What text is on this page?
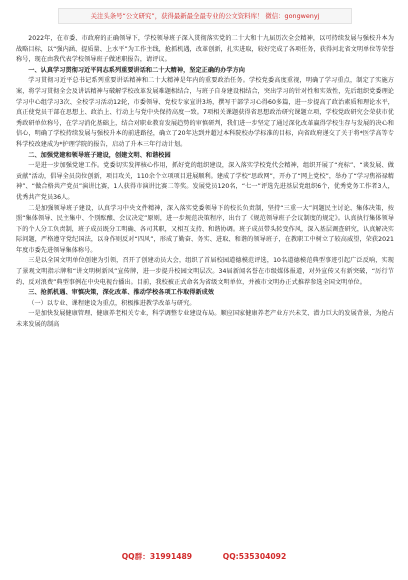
关注头条号“公文研究”，获得最新最全最专业的公文资料库！ 微信：gongwenyj

2022年，在市委、市政府的正确领导下，学校领导班子深入贯彻落实党的二十大和十九届历次全会精神，以可持续发展与强校升本为战略目标，以“强内涵、提质量、上水平”为工作主线，抢抓机遇，改革创新，扎实进取，较好完成了各项任务，获得河北省文明单位等荣誉称号，现在由我代表学校领导班子做述职报告，请评议。

一、认真学习贯彻习近平同志系列重要讲话和二十大精神，坚定正确的办学方向

学习贯彻习近平总书记系列重要讲话精神和二十大精神是年内的重要政治任务。学校党委高度重视，明确了学习重点，制定了实施方案，将学习贯彻全会及讲话精神与破解学校改革发展难题相结合，与班子自身建设相结合，突出学习的针对性和实效性，先后组织党委理论学习中心组学习3次、全校学习活动12轮，市委领导、党校专家宣讲3场，撰写干部学习心得60多篇，进一步提高了政治素质和理论水平，真正使党员干部在思想上、政治上、行动上与党中央保持高度一致。7项相关课题获得省思想政治研究课题立项，学校党政研究会荣获市优秀政研单位称号，在学习消化基础上，结合对职业教育发展趋势的审慎研判，我们进一步坚定了通过深化改革赢得学校生存与发展的决心和信心，明确了学校持续发展与强校升本的前进路径，确立了20年达到并超过本科院校办学标准的目标，向省政府递交了关于将*医学高等专科学校改建成为*护理学院的报告，启动了升本三年行动计划。

二、加强党建和领导班子建设，创建文明、和谐校园

一是进一步加强党建工作。党委切实发挥核心作用，抓好党的组织建设，深入落实学校党代会精神，组织开展了“亮标”、“谈发展、做贡献”活动，倡导全员岗位创新，项目攻关，110余个立项项目进展顺利。建成了学校“思政网”，开办了“网上党校”，举办了“学习焦裕禄精神”、“做合格共产党员”演讲比赛，1人获得市演讲比赛二等奖。发展党员120名，“七一”评选先进基层党组织6个，优秀党务工作者3人，优秀共产党员36人。

二是加强领导班子建设，认真学习中央文件精神，深入落实党委领导下的校长负责制，坚持“三重一大”问题民主讨论、集体决策，按照“集体领导、民主集中、个别酝酿、会议决定”原则，进一步规范决策程序，出台了《规范领导班子会议制度的规定》。认真执行集体领导下的个人分工负责制，班子成员既分工明确、各司其职，又相互支持、和谐协调。班子成员带头转变作风，深入基层调查研究，认真解决实际问题，严格遵守党纪国法，以身作则反对“四风”，形成了勤奋、务实、进取、和谐的领导班子，在教职工中树立了较高威望，荣获2021年度市委先进领导集体称号。

三是以全国文明单位创建为引领，召开了创建动员大会，组织了首届校园道德模范评选，10名道德模范典型事迹引起广泛反响，实现了景观文明指示牌和“讲文明树新风”宣传牌，进一步提升校园文明层次。34届新闻名誉在市级媒体报道，对外宣传又有新突破，“厉行节约、反对浪费”典型事例在中央电视台播出。目前，我校被正式命名为省级文明单位，并被市文明办正式推荐参选全国文明单位。

三、抢抓机遇、审慎决策，深化改革、推动学校各项工作取得新成效

（一）以专业、课程建设为重点，积极推进教学改革与研究。

一是加快发展健康管理、健康养老相关专业，科学调整专业建设布局。顺应国家健康养老产业方兴未艾、潜力巨大的发展背景，为抢占未来发展的制高

QQ群：31991489	QQ:535304092
